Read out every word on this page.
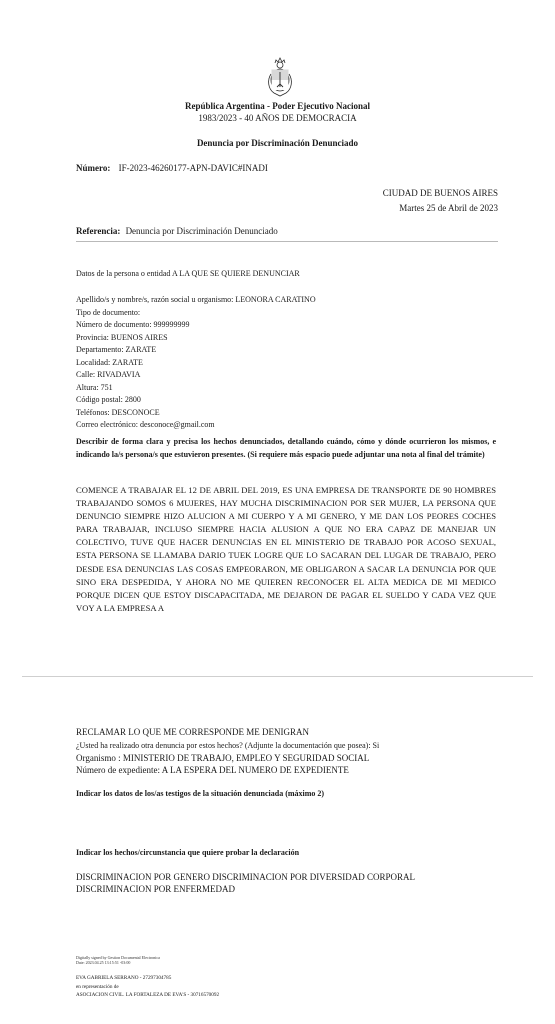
República Argentina - Poder Ejecutivo Nacional
1983/2023 - 40 AÑOS DE DEMOCRACIA
Denuncia por Discriminación Denunciado
Número: IF-2023-46260177-APN-DAVIC#INADI
CIUDAD DE BUENOS AIRES
Martes 25 de Abril de 2023
Referencia: Denuncia por Discriminación Denunciado
Datos de la persona o entidad A LA QUE SE QUIERE DENUNCIAR
Apellido/s y nombre/s, razón social u organismo: LEONORA CARATINO
Tipo de documento:
Número de documento: 999999999
Provincia: BUENOS AIRES
Departamento: ZARATE
Localidad: ZARATE
Calle: RIVADAVIA
Altura: 751
Código postal: 2800
Teléfonos: DESCONOCE
Correo electrónico: desconoce@gmail.com
Describir de forma clara y precisa los hechos denunciados, detallando cuándo, cómo y dónde ocurrieron los mismos, e indicando la/s persona/s que estuvieron presentes. (Si requiere más espacio puede adjuntar una nota al final del trámite)
COMENCE A TRABAJAR EL 12 DE ABRIL DEL 2019, ES UNA EMPRESA DE TRANSPORTE DE 90 HOMBRES TRABAJANDO SOMOS 6 MUJERES, HAY MUCHA DISCRIMINACION POR SER MUJER, LA PERSONA QUE DENUNCIO SIEMPRE HIZO ALUCION A MI CUERPO Y A MI GENERO, Y ME DAN LOS PEORES COCHES PARA TRABAJAR, INCLUSO SIEMPRE HACIA ALUSION A QUE NO ERA CAPAZ DE MANEJAR UN COLECTIVO, TUVE QUE HACER DENUNCIAS EN EL MINISTERIO DE TRABAJO POR ACOSO SEXUAL, ESTA PERSONA SE LLAMABA DARIO TUEK LOGRE QUE LO SACARAN DEL LUGAR DE TRABAJO, PERO DESDE ESA DENUNCIAS LAS COSAS EMPEORARON, ME OBLIGARON A SACAR LA DENUNCIA POR QUE SINO ERA DESPEDIDA, Y AHORA NO ME QUIEREN RECONOCER EL ALTA MEDICA DE MI MEDICO PORQUE DICEN QUE ESTOY DISCAPACITADA, ME DEJARON DE PAGAR EL SUELDO Y CADA VEZ QUE VOY A LA EMPRESA A
RECLAMAR LO QUE ME CORRESPONDE ME DENIGRAN
¿Usted ha realizado otra denuncia por estos hechos? (Adjunte la documentación que posea): Si
Organismo : MINISTERIO DE TRABAJO, EMPLEO Y SEGURIDAD SOCIAL
Número de expediente: A LA ESPERA DEL NUMERO DE EXPEDIENTE
Indicar los datos de los/as testigos de la situación denunciada (máximo 2)
Indicar los hechos/circunstancia que quiere probar la declaración
DISCRIMINACION POR GENERO DISCRIMINACION POR DIVERSIDAD CORPORAL
DISCRIMINACION POR ENFERMEDAD
Digitally signed by Gestion Documental Electronica
Date: 2023.04.25 13:15:51 -03:00
EVA GABRIELA SERRANO - 27297304785
en representación de
ASOCIACION CIVIL. LA FORTALEZA DE EVA'S - 30716570092
